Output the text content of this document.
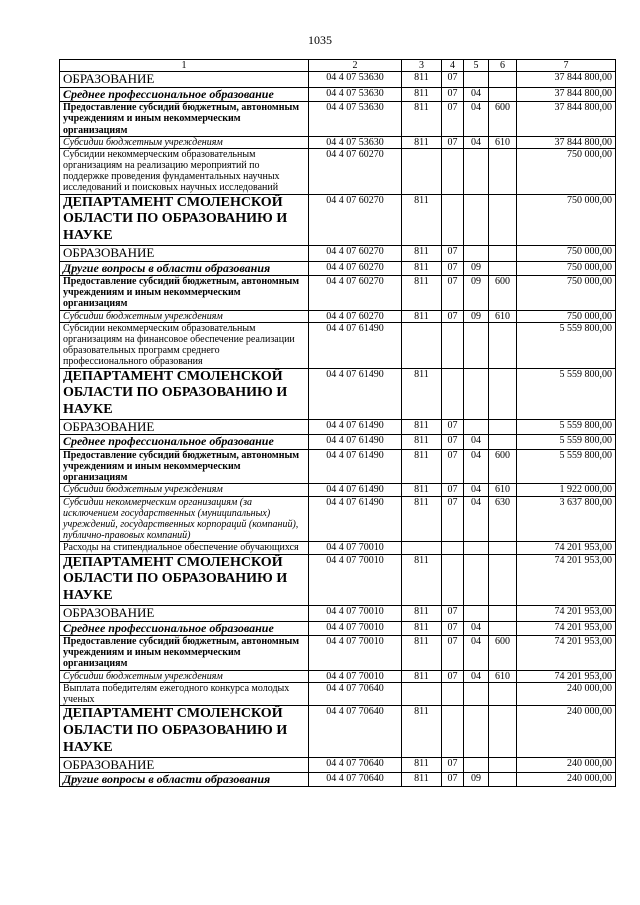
1035
1	2	3	4	5	6	7
ОБРАЗОВАНИЕ	04 4 07 53630	811	07			37 844 800,00
Среднее профессиональное образование	04 4 07 53630	811	07	04		37 844 800,00
Предоставление субсидий бюджетным, автономным учреждениям и иным некоммерческим организациям	04 4 07 53630	811	07	04	600	37 844 800,00
Субсидии бюджетным учреждениям	04 4 07 53630	811	07	04	610	37 844 800,00
Субсидии некоммерческим образовательным организациям на реализацию мероприятий по поддержке проведения фундаментальных научных исследований и поисковых научных исследований	04 4 07 60270					750 000,00
ДЕПАРТАМЕНТ СМОЛЕНСКОЙ ОБЛАСТИ ПО ОБРАЗОВАНИЮ И НАУКЕ	04 4 07 60270	811				750 000,00
ОБРАЗОВАНИЕ	04 4 07 60270	811	07			750 000,00
Другие вопросы в области образования	04 4 07 60270	811	07	09		750 000,00
Предоставление субсидий бюджетным, автономным учреждениям и иным некоммерческим организациям	04 4 07 60270	811	07	09	600	750 000,00
Субсидии бюджетным учреждениям	04 4 07 60270	811	07	09	610	750 000,00
Субсидии некоммерческим образовательным организациям на финансовое обеспечение реализации образовательных программ среднего профессионального образования	04 4 07 61490					5 559 800,00
ДЕПАРТАМЕНТ СМОЛЕНСКОЙ ОБЛАСТИ ПО ОБРАЗОВАНИЮ И НАУКЕ	04 4 07 61490	811				5 559 800,00
ОБРАЗОВАНИЕ	04 4 07 61490	811	07			5 559 800,00
Среднее профессиональное образование	04 4 07 61490	811	07	04		5 559 800,00
Предоставление субсидий бюджетным, автономным учреждениям и иным некоммерческим организациям	04 4 07 61490	811	07	04	600	5 559 800,00
Субсидии бюджетным учреждениям	04 4 07 61490	811	07	04	610	1 922 000,00
Субсидии некоммерческим организациям (за исключением государственных (муниципальных) учреждений, государственных корпораций (компаний), публично-правовых компаний)	04 4 07 61490	811	07	04	630	3 637 800,00
Расходы на стипендиальное обеспечение обучающихся	04 4 07 70010					74 201 953,00
ДЕПАРТАМЕНТ СМОЛЕНСКОЙ ОБЛАСТИ ПО ОБРАЗОВАНИЮ И НАУКЕ	04 4 07 70010	811				74 201 953,00
ОБРАЗОВАНИЕ	04 4 07 70010	811	07			74 201 953,00
Среднее профессиональное образование	04 4 07 70010	811	07	04		74 201 953,00
Предоставление субсидий бюджетным, автономным учреждениям и иным некоммерческим организациям	04 4 07 70010	811	07	04	600	74 201 953,00
Субсидии бюджетным учреждениям	04 4 07 70010	811	07	04	610	74 201 953,00
Выплата победителям ежегодного конкурса молодых ученых	04 4 07 70640					240 000,00
ДЕПАРТАМЕНТ СМОЛЕНСКОЙ ОБЛАСТИ ПО ОБРАЗОВАНИЮ И НАУКЕ	04 4 07 70640	811				240 000,00
ОБРАЗОВАНИЕ	04 4 07 70640	811	07			240 000,00
Другие вопросы в области образования	04 4 07 70640	811	07	09		240 000,00
